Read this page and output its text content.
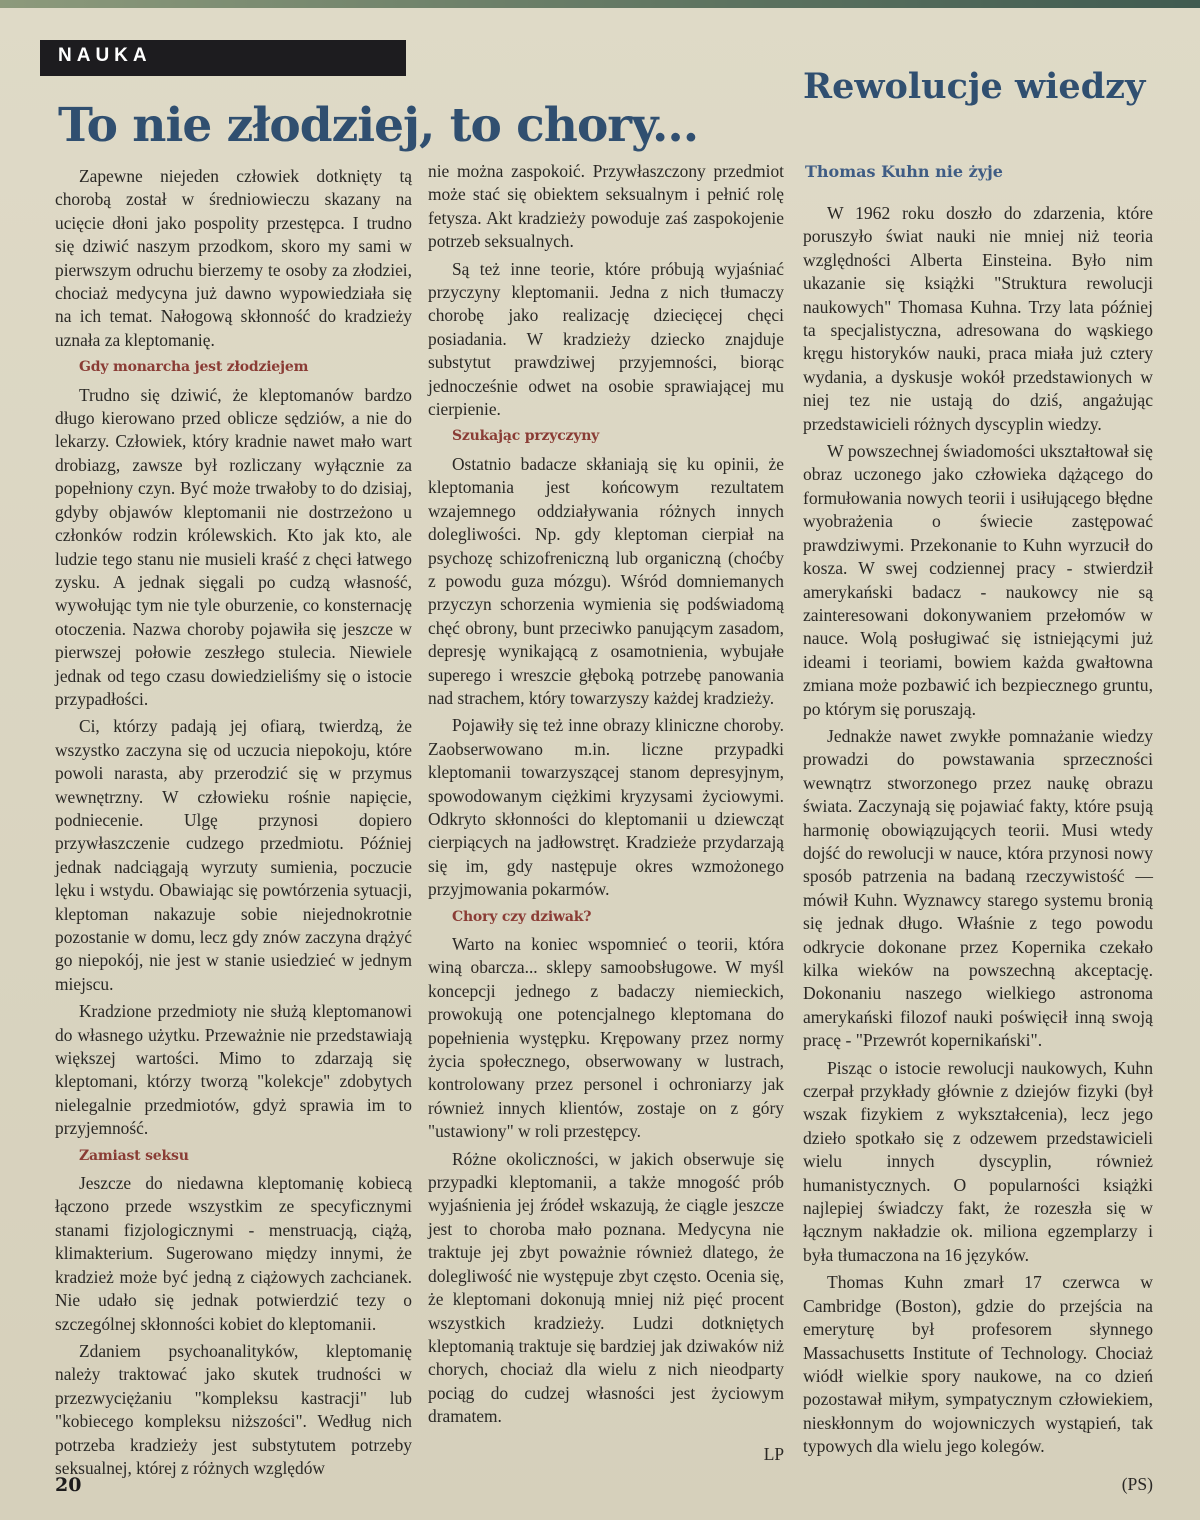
NAUKA
To nie złodziej, to chory...
Rewolucje wiedzy
Thomas Kuhn nie żyje

Zapewne niejeden człowiek dotknięty tą chorobą został w średniowieczu skazany na ucięcie dłoni jako pospolity przestępca. I trudno się dziwić naszym przodkom, skoro my sami w pierwszym odruchu bierzemy te osoby za złodziei, chociaż medycyna już dawno wypowiedziała się na ich temat. Nałogową skłonność do kradzieży uznała za kleptomanię.

Gdy monarcha jest złodziejem

Trudno się dziwić, że kleptomanów bardzo długo kierowano przed oblicze sędziów, a nie do lekarzy. Człowiek, który kradnie nawet mało wart drobiazg, zawsze był rozliczany wyłącznie za popełniony czyn. Być może trwałoby to do dzisiaj, gdyby objawów kleptomanii nie dostrzeżono u członków rodzin królewskich. Kto jak kto, ale ludzie tego stanu nie musieli kraść z chęci łatwego zysku. A jednak sięgali po cudzą własność, wywołując tym nie tyle oburzenie, co konsternację otoczenia. Nazwa choroby pojawiła się jeszcze w pierwszej połowie zeszłego stulecia. Niewiele jednak od tego czasu dowiedzieliśmy się o istocie przypadłości.

Ci, którzy padają jej ofiarą, twierdzą, że wszystko zaczyna się od uczucia niepokoju, które powoli narasta, aby przerodzić się w przymus wewnętrzny. W człowieku rośnie napięcie, podniecenie. Ulgę przynosi dopiero przywłaszczenie cudzego przedmiotu. Później jednak nadciągają wyrzuty sumienia, poczucie lęku i wstydu. Obawiając się powtórzenia sytuacji, kleptoman nakazuje sobie niejednokrotnie pozostanie w domu, lecz gdy znów zaczyna drążyć go niepokój, nie jest w stanie usiedzieć w jednym miejscu.

Kradzione przedmioty nie służą kleptomanowi do własnego użytku. Przeważnie nie przedstawiają większej wartości. Mimo to zdarzają się kleptomani, którzy tworzą "kolekcje" zdobytych nielegalnie przedmiotów, gdyż sprawia im to przyjemność.

Zamiast seksu

Jeszcze do niedawna kleptomanię kobiecą łączono przede wszystkim ze specyficznymi stanami fizjologicznymi - menstruacją, ciążą, klimakterium. Sugerowano między innymi, że kradzież może być jedną z ciążowych zachcianek. Nie udało się jednak potwierdzić tezy o szczególnej skłonności kobiet do kleptomanii.

Zdaniem psychoanalityków, kleptomanię należy traktować jako skutek trudności w przezwyciężaniu "kompleksu kastracji" lub "kobiecego kompleksu niższości". Według nich potrzeba kradzieży jest substytutem potrzeby seksualnej, której z różnych względów

nie można zaspokoić. Przywłaszczony przedmiot może stać się obiektem seksualnym i pełnić rolę fetysza. Akt kradzieży powoduje zaś zaspokojenie potrzeb seksualnych.

Są też inne teorie, które próbują wyjaśniać przyczyny kleptomanii. Jedna z nich tłumaczy chorobę jako realizację dziecięcej chęci posiadania. W kradzieży dziecko znajduje substytut prawdziwej przyjemności, biorąc jednocześnie odwet na osobie sprawiającej mu cierpienie.

Szukając przyczyny

Ostatnio badacze skłaniają się ku opinii, że kleptomania jest końcowym rezultatem wzajemnego oddziaływania różnych innych dolegliwości. Np. gdy kleptoman cierpiał na psychozę schizofreniczną lub organiczną (choćby z powodu guza mózgu). Wśród domniemanych przyczyn schorzenia wymienia się podświadomą chęć obrony, bunt przeciwko panującym zasadom, depresję wynikającą z osamotnienia, wybujałe superego i wreszcie głęboką potrzebę panowania nad strachem, który towarzyszy każdej kradzieży.

Pojawiły się też inne obrazy kliniczne choroby. Zaobserwowano m.in. liczne przypadki kleptomanii towarzyszącej stanom depresyjnym, spowodowanym ciężkimi kryzysami życiowymi. Odkryto skłonności do kleptomanii u dziewcząt cierpiących na jadłowstręt. Kradzieże przydarzają się im, gdy następuje okres wzmożonego przyjmowania pokarmów.

Chory czy dziwak?

Warto na koniec wspomnieć o teorii, która winą obarcza... sklepy samoobsługowe. W myśl koncepcji jednego z badaczy niemieckich, prowokują one potencjalnego kleptomana do popełnienia występku. Krępowany przez normy życia społecznego, obserwowany w lustrach, kontrolowany przez personel i ochroniarzy jak również innych klientów, zostaje on z góry "ustawiony" w roli przestępcy.

Różne okoliczności, w jakich obserwuje się przypadki kleptomanii, a także mnogość prób wyjaśnienia jej źródeł wskazują, że ciągle jeszcze jest to choroba mało poznana. Medycyna nie traktuje jej zbyt poważnie również dlatego, że dolegliwość nie występuje zbyt często. Ocenia się, że kleptomani dokonują mniej niż pięć procent wszystkich kradzieży. Ludzi dotkniętych kleptomanią traktuje się bardziej jak dziwaków niż chorych, chociaż dla wielu z nich nieodparty pociąg do cudzej własności jest życiowym dramatem.

LP

W 1962 roku doszło do zdarzenia, które poruszyło świat nauki nie mniej niż teoria względności Alberta Einsteina. Było nim ukazanie się książki "Struktura rewolucji naukowych" Thomasa Kuhna. Trzy lata później ta specjalistyczna, adresowana do wąskiego kręgu historyków nauki, praca miała już cztery wydania, a dyskusje wokół przedstawionych w niej tez nie ustają do dziś, angażując przedstawicieli różnych dyscyplin wiedzy.

W powszechnej świadomości ukształtował się obraz uczonego jako człowieka dążącego do formułowania nowych teorii i usiłującego błędne wyobrażenia o świecie zastępować prawdziwymi. Przekonanie to Kuhn wyrzucił do kosza. W swej codziennej pracy - stwierdził amerykański badacz - naukowcy nie są zainteresowani dokonywaniem przełomów w nauce. Wolą posługiwać się istniejącymi już ideami i teoriami, bowiem każda gwałtowna zmiana może pozbawić ich bezpiecznego gruntu, po którym się poruszają.

Jednakże nawet zwykłe pomnażanie wiedzy prowadzi do powstawania sprzeczności wewnątrz stworzonego przez naukę obrazu świata. Zaczynają się pojawiać fakty, które psują harmonię obowiązujących teorii. Musi wtedy dojść do rewolucji w nauce, która przynosi nowy sposób patrzenia na badaną rzeczywistość — mówił Kuhn. Wyznawcy starego systemu bronią się jednak długo. Właśnie z tego powodu odkrycie dokonane przez Kopernika czekało kilka wieków na powszechną akceptację. Dokonaniu naszego wielkiego astronoma amerykański filozof nauki poświęcił inną swoją pracę - "Przewrót kopernikański".

Pisząc o istocie rewolucji naukowych, Kuhn czerpał przykłady głównie z dziejów fizyki (był wszak fizykiem z wykształcenia), lecz jego dzieło spotkało się z odzewem przedstawicieli wielu innych dyscyplin, również humanistycznych. O popularności książki najlepiej świadczy fakt, że rozeszła się w łącznym nakładzie ok. miliona egzemplarzy i była tłumaczona na 16 języków.

Thomas Kuhn zmarł 17 czerwca w Cambridge (Boston), gdzie do przejścia na emeryturę był profesorem słynnego Massachusetts Institute of Technology. Chociaż wiódł wielkie spory naukowe, na co dzień pozostawał miłym, sympatycznym człowiekiem, nieskłonnym do wojowniczych wystąpień, tak typowych dla wielu jego kolegów.

(PS)

20
